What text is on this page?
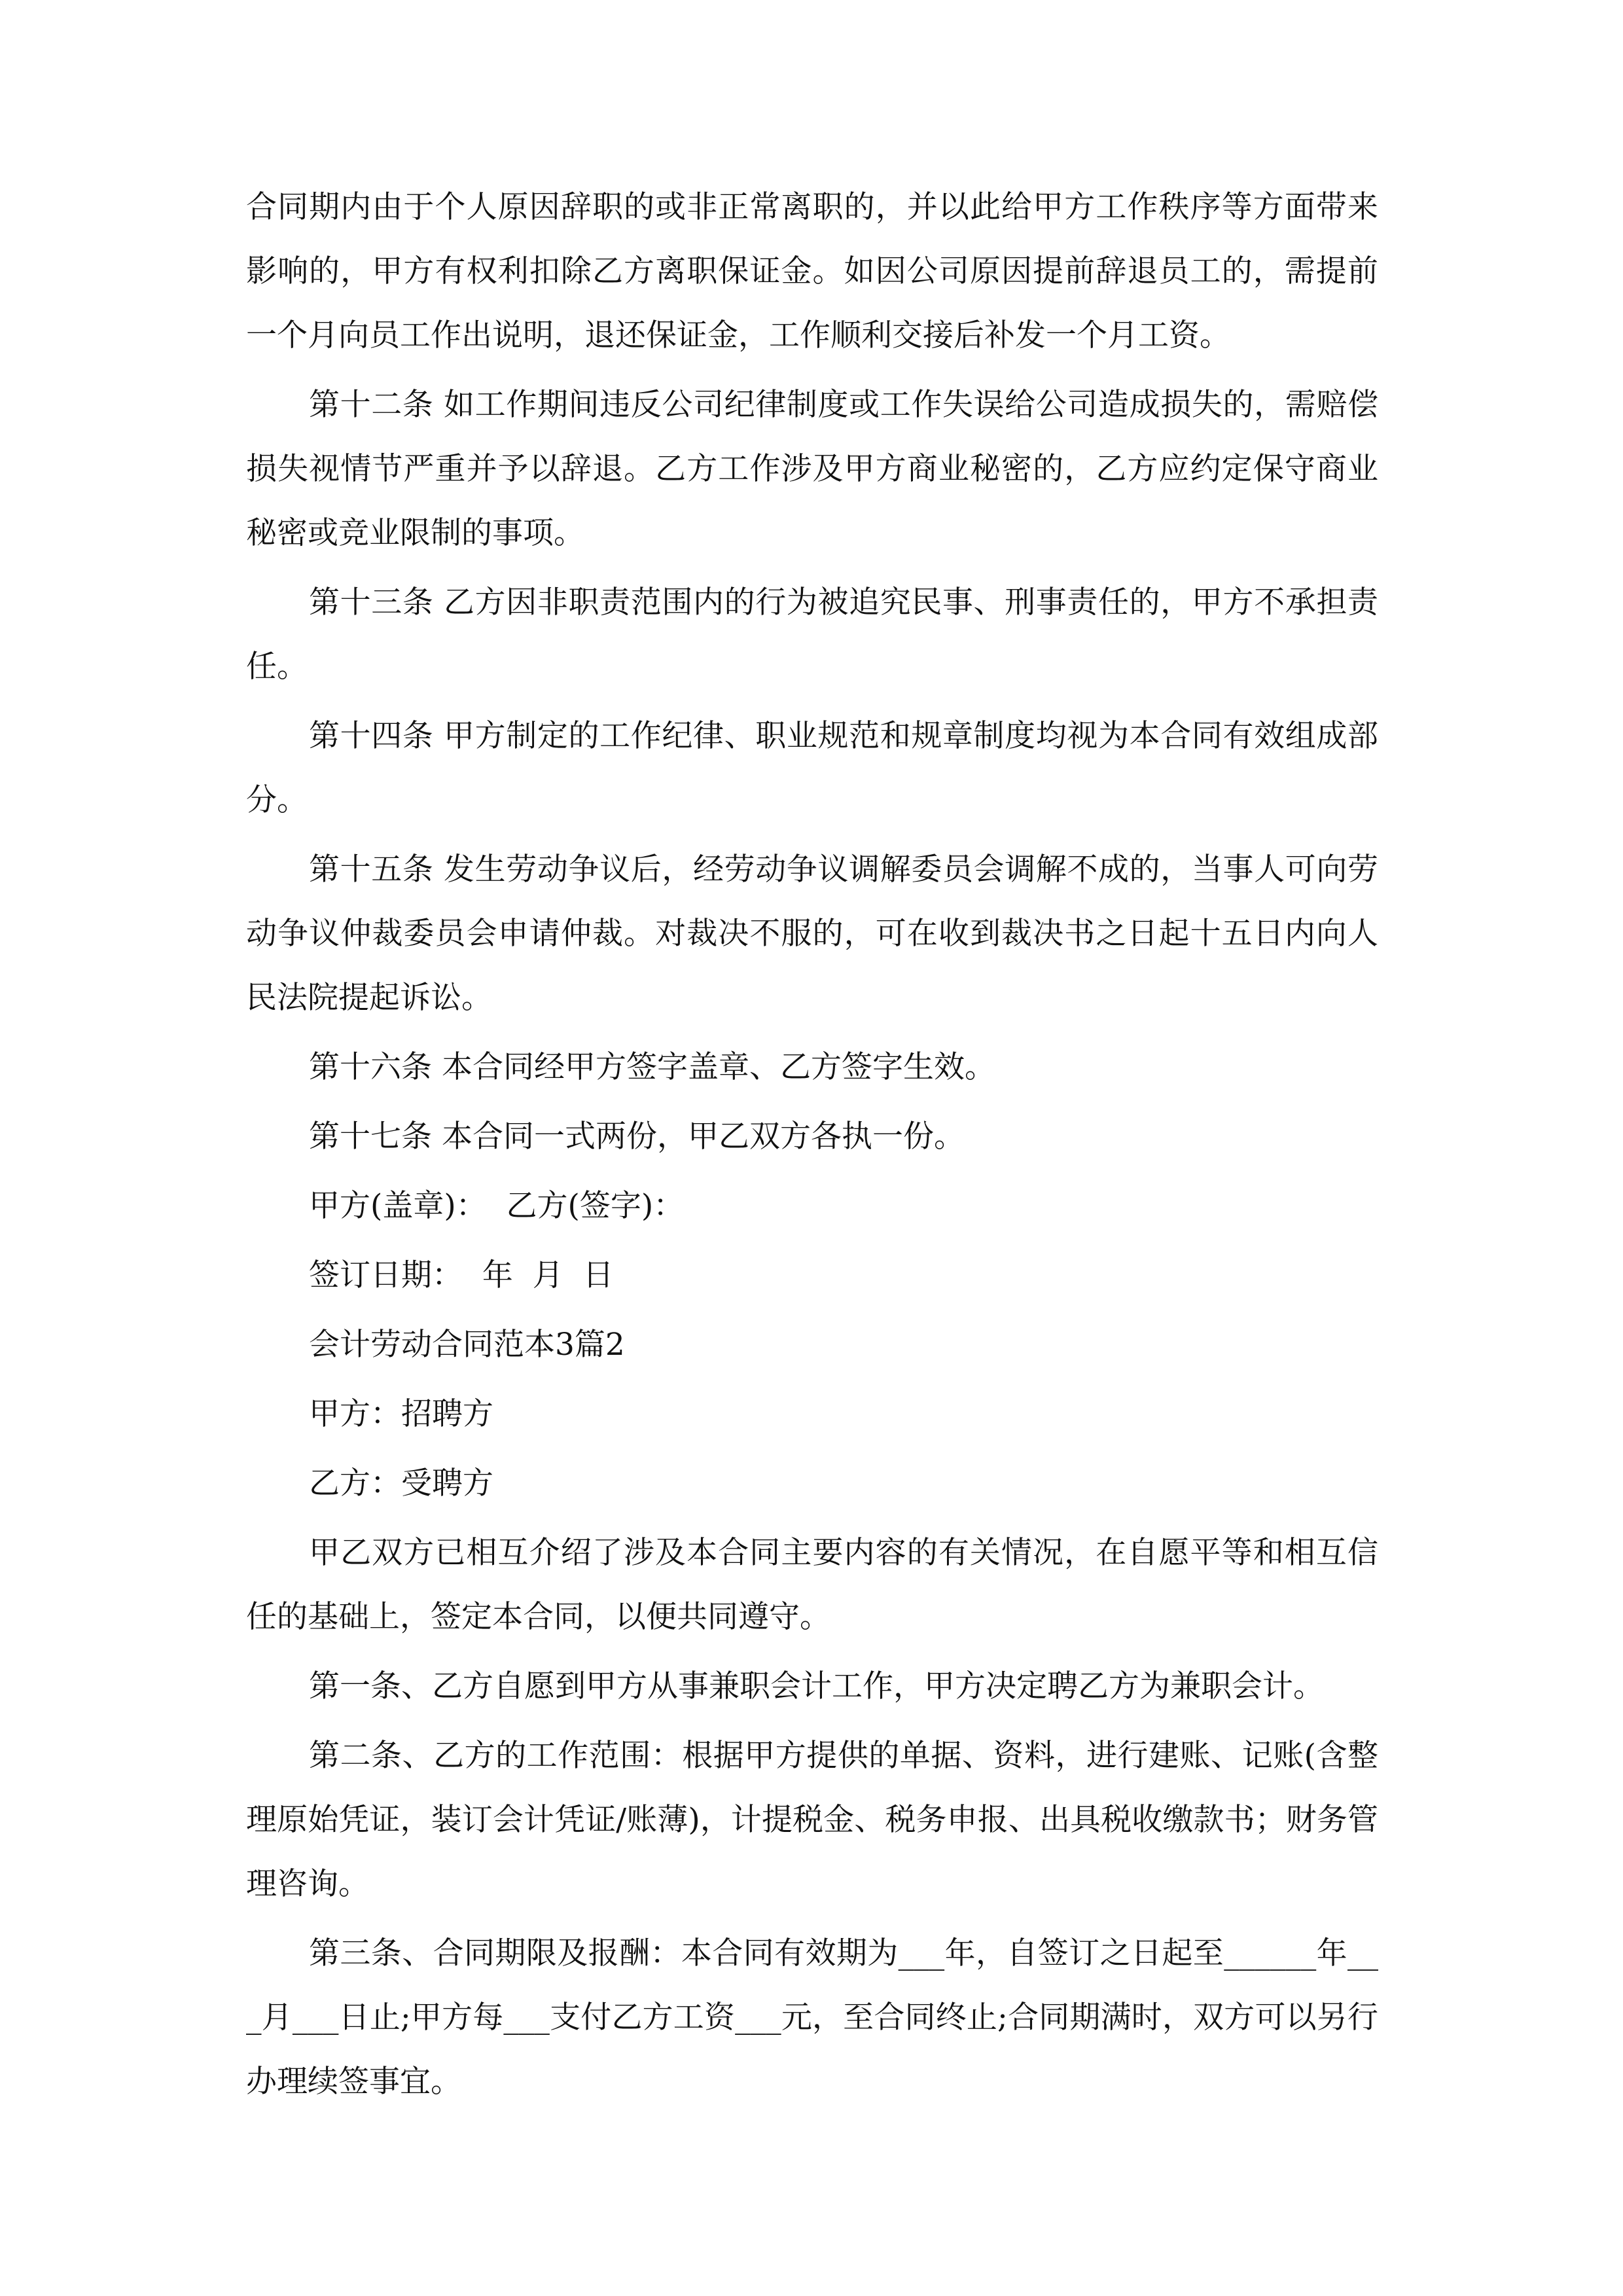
合同期内由于个人原因辞职的或非正常离职的，并以此给甲方工作秩序等方面带来影响的，甲方有权利扣除乙方离职保证金。如因公司原因提前辞退员工的，需提前一个月向员工作出说明，退还保证金，工作顺利交接后补发一个月工资。

第十二条 如工作期间违反公司纪律制度或工作失误给公司造成损失的，需赔偿损失视情节严重并予以辞退。乙方工作涉及甲方商业秘密的，乙方应约定保守商业秘密或竞业限制的事项。

第十三条 乙方因非职责范围内的行为被追究民事、刑事责任的，甲方不承担责任。

第十四条 甲方制定的工作纪律、职业规范和规章制度均视为本合同有效组成部分。

第十五条 发生劳动争议后，经劳动争议调解委员会调解不成的，当事人可向劳动争议仲裁委员会申请仲裁。对裁决不服的，可在收到裁决书之日起十五日内向人民法院提起诉讼。

第十六条 本合同经甲方签字盖章、乙方签字生效。

第十七条 本合同一式两份，甲乙双方各执一份。

甲方(盖章)：  乙方(签字)：

签订日期：  年  月  日

会计劳动合同范本3篇2

甲方：招聘方

乙方：受聘方

甲乙双方已相互介绍了涉及本合同主要内容的有关情况，在自愿平等和相互信任的基础上，签定本合同，以便共同遵守。

第一条、乙方自愿到甲方从事兼职会计工作，甲方决定聘乙方为兼职会计。

第二条、乙方的工作范围：根据甲方提供的单据、资料，进行建账、记账(含整理原始凭证，装订会计凭证/账薄)，计提税金、税务申报、出具税收缴款书；财务管理咨询。

第三条、合同期限及报酬：本合同有效期为___年，自签订之日起至______年___月___日止;甲方每___支付乙方工资___元，至合同终止;合同期满时，双方可以另行办理续签事宜。
